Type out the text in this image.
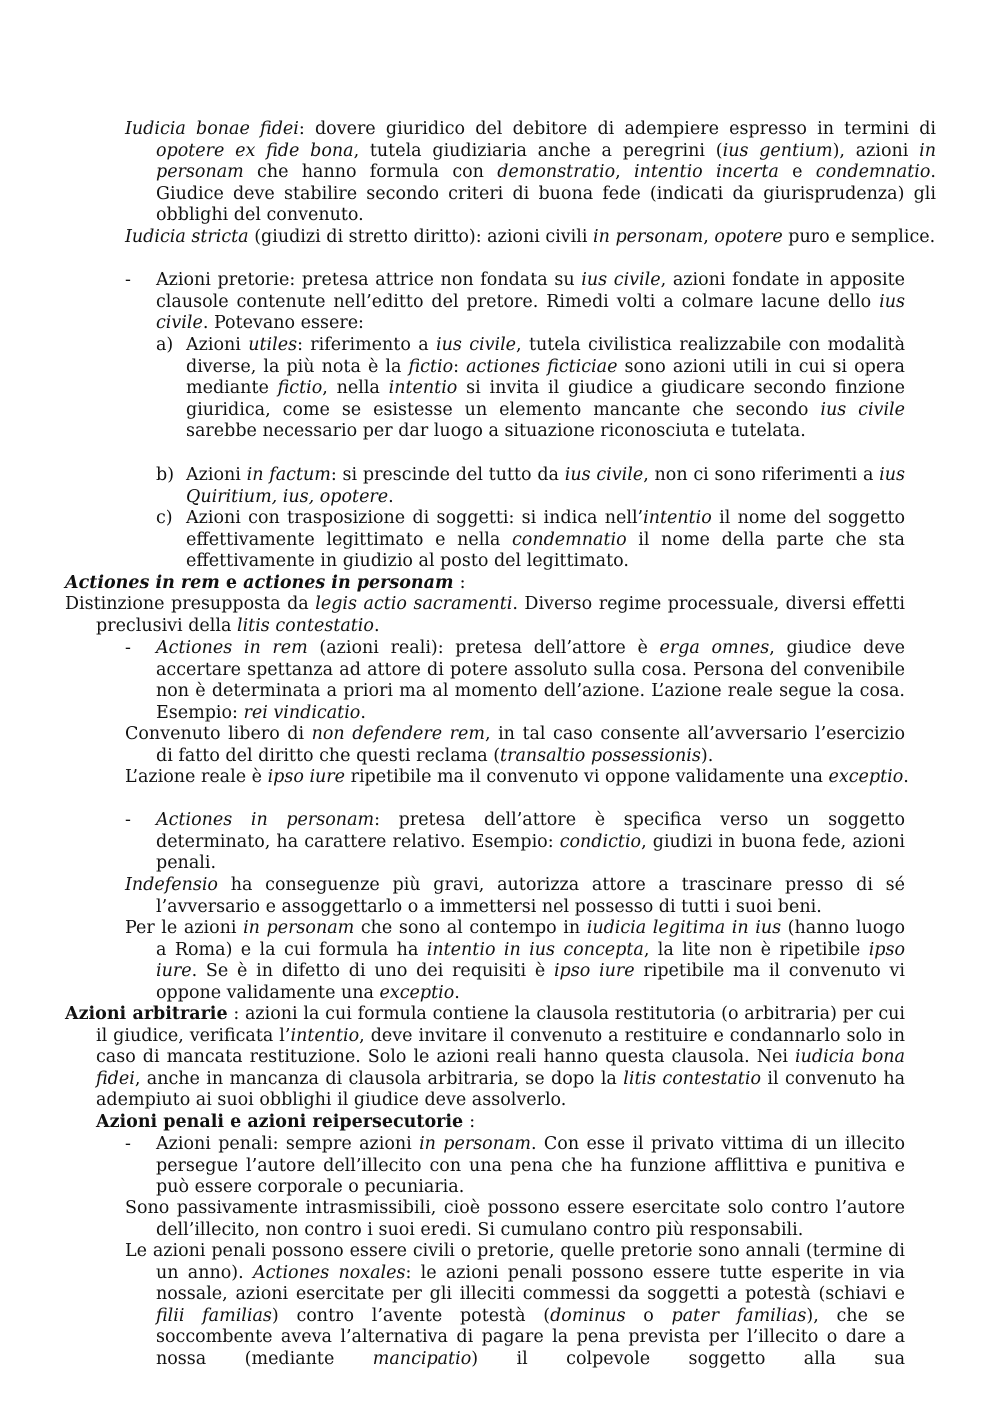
Iudicia bonae fidei: dovere giuridico del debitore di adempiere espresso in termini di opotere ex fide bona, tutela giudiziaria anche a peregrini (ius gentium), azioni in personam che hanno formula con demonstratio, intentio incerta e condemnatio. Giudice deve stabilire secondo criteri di buona fede (indicati da giurisprudenza) gli obblighi del convenuto.
Iudicia stricta (giudizi di stretto diritto): azioni civili in personam, opotere puro e semplice.
- Azioni pretorie: pretesa attrice non fondata su ius civile, azioni fondate in apposite clausole contenute nell’editto del pretore. Rimedi volti a colmare lacune dello ius civile. Potevano essere:
a) Azioni utiles: riferimento a ius civile, tutela civilistica realizzabile con modalità diverse, la più nota è la fictio: actiones ficticiae sono azioni utili in cui si opera mediante fictio, nella intentio si invita il giudice a giudicare secondo finzione giuridica, come se esistesse un elemento mancante che secondo ius civile sarebbe necessario per dar luogo a situazione riconosciuta e tutelata.
b) Azioni in factum: si prescinde del tutto da ius civile, non ci sono riferimenti a ius Quiritium, ius, opotere.
c) Azioni con trasposizione di soggetti: si indica nell’intentio il nome del soggetto effettivamente legittimato e nella condemnatio il nome della parte che sta effettivamente in giudizio al posto del legittimato.
Actiones in rem e actiones in personam :
Distinzione presupposta da legis actio sacramenti. Diverso regime processuale, diversi effetti preclusivi della litis contestatio.
- Actiones in rem (azioni reali): pretesa dell’attore è erga omnes, giudice deve accertare spettanza ad attore di potere assoluto sulla cosa. Persona del convenibile non è determinata a priori ma al momento dell’azione. L’azione reale segue la cosa. Esempio: rei vindicatio.
Convenuto libero di non defendere rem, in tal caso consente all’avversario l’esercizio di fatto del diritto che questi reclama (transaltio possessionis).
L’azione reale è ipso iure ripetibile ma il convenuto vi oppone validamente una exceptio.
- Actiones in personam: pretesa dell’attore è specifica verso un soggetto determinato, ha carattere relativo. Esempio: condictio, giudizi in buona fede, azioni penali.
Indefensio ha conseguenze più gravi, autorizza attore a trascinare presso di sé l’avversario e assoggettarlo o a immettersi nel possesso di tutti i suoi beni.
Per le azioni in personam che sono al contempo in iudicia legitima in ius (hanno luogo a Roma) e la cui formula ha intentio in ius concepta, la lite non è ripetibile ipso iure. Se è in difetto di uno dei requisiti è ipso iure ripetibile ma il convenuto vi oppone validamente una exceptio.
Azioni arbitrarie : azioni la cui formula contiene la clausola restitutoria (o arbitraria) per cui il giudice, verificata l’intentio, deve invitare il convenuto a restituire e condannarlo solo in caso di mancata restituzione. Solo le azioni reali hanno questa clausola. Nei iudicia bona fidei, anche in mancanza di clausola arbitraria, se dopo la litis contestatio il convenuto ha adempiuto ai suoi obblighi il giudice deve assolverlo.
Azioni penali e azioni reipersecutorie :
- Azioni penali: sempre azioni in personam. Con esse il privato vittima di un illecito persegue l’autore dell’illecito con una pena che ha funzione afflittiva e punitiva e può essere corporale o pecuniaria.
Sono passivamente intrasmissibili, cioè possono essere esercitate solo contro l’autore dell’illecito, non contro i suoi eredi. Si cumulano contro più responsabili.
Le azioni penali possono essere civili o pretorie, quelle pretorie sono annali (termine di un anno). Actiones noxales: le azioni penali possono essere tutte esperite in via nossale, azioni esercitate per gli illeciti commessi da soggetti a potestà (schiavi e filii familias) contro l’avente potestà (dominus o pater familias), che se soccombente aveva l’alternativa di pagare la pena prevista per l’illecito o dare a nossa (mediante mancipatio) il colpevole soggetto alla sua
